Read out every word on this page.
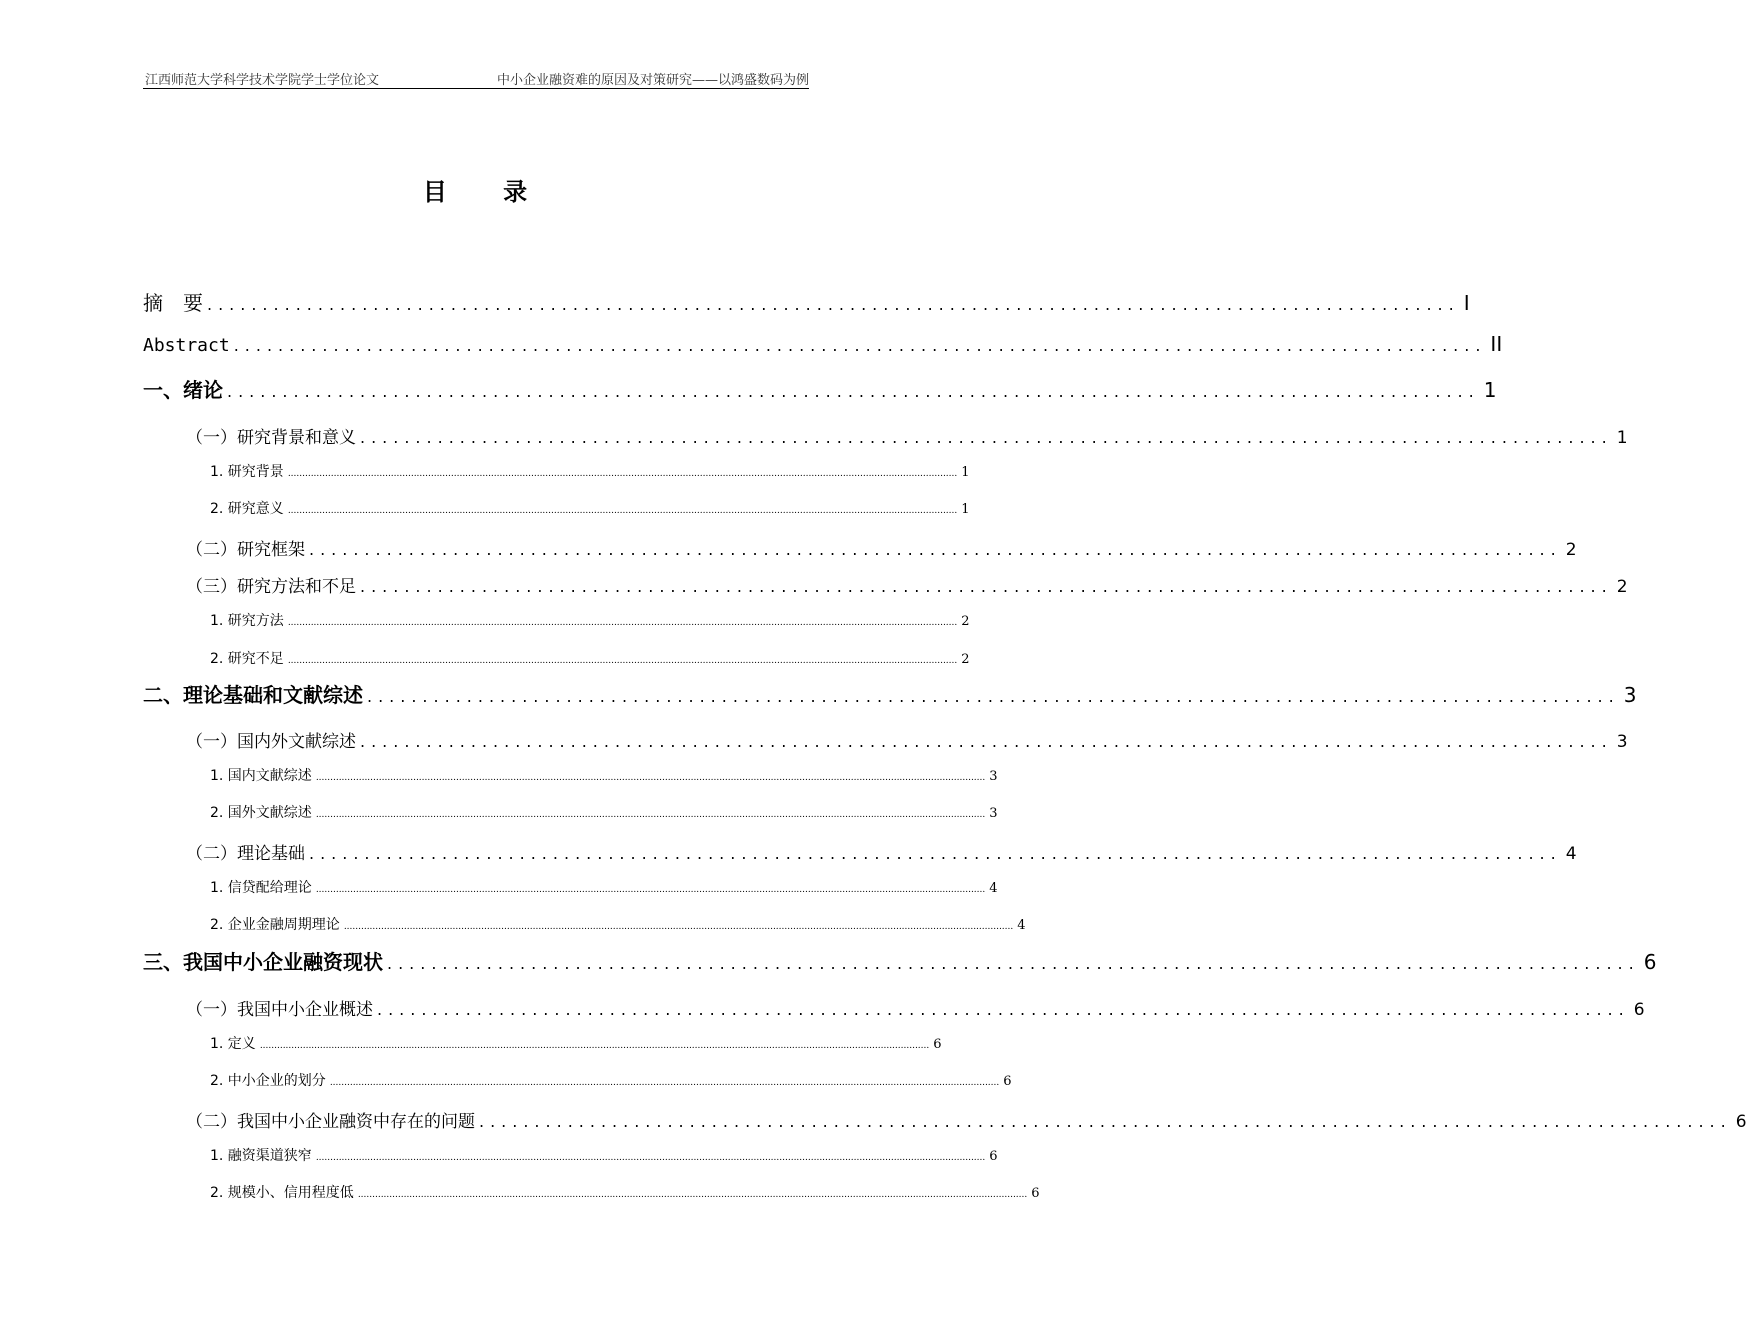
江西师范大学科学技术学院学士学位论文	中小企业融资难的原因及对策研究——以鸿盛数码为例
目 录
摘　要 ................................................................................................................. I
Abstract ................................................................................................................. II
一、绪论 ................................................................................................................. 1
（一）研究背景和意义 ................................................................................................................. 1
1. 研究背景 .......................................................................................................................................................................................................................................... 1
2. 研究意义 .......................................................................................................................................................................................................................................... 1
（二）研究框架 ................................................................................................................. 2
（三）研究方法和不足 ................................................................................................................. 2
1. 研究方法 .......................................................................................................................................................................................................................................... 2
2. 研究不足 .......................................................................................................................................................................................................................................... 2
二、理论基础和文献综述 ................................................................................................................. 3
（一）国内外文献综述 ................................................................................................................. 3
1. 国内文献综述 .......................................................................................................................................................................................................................................... 3
2. 国外文献综述 .......................................................................................................................................................................................................................................... 3
（二）理论基础 ................................................................................................................. 4
1. 信贷配给理论 .......................................................................................................................................................................................................................................... 4
2. 企业金融周期理论 .......................................................................................................................................................................................................................................... 4
三、我国中小企业融资现状 ................................................................................................................. 6
（一）我国中小企业概述 ................................................................................................................. 6
1. 定义 .......................................................................................................................................................................................................................................... 6
2. 中小企业的划分 .......................................................................................................................................................................................................................................... 6
（二）我国中小企业融资中存在的问题 ................................................................................................................. 6
1. 融资渠道狭窄 .......................................................................................................................................................................................................................................... 6
2. 规模小、信用程度低 .......................................................................................................................................................................................................................................... 6
